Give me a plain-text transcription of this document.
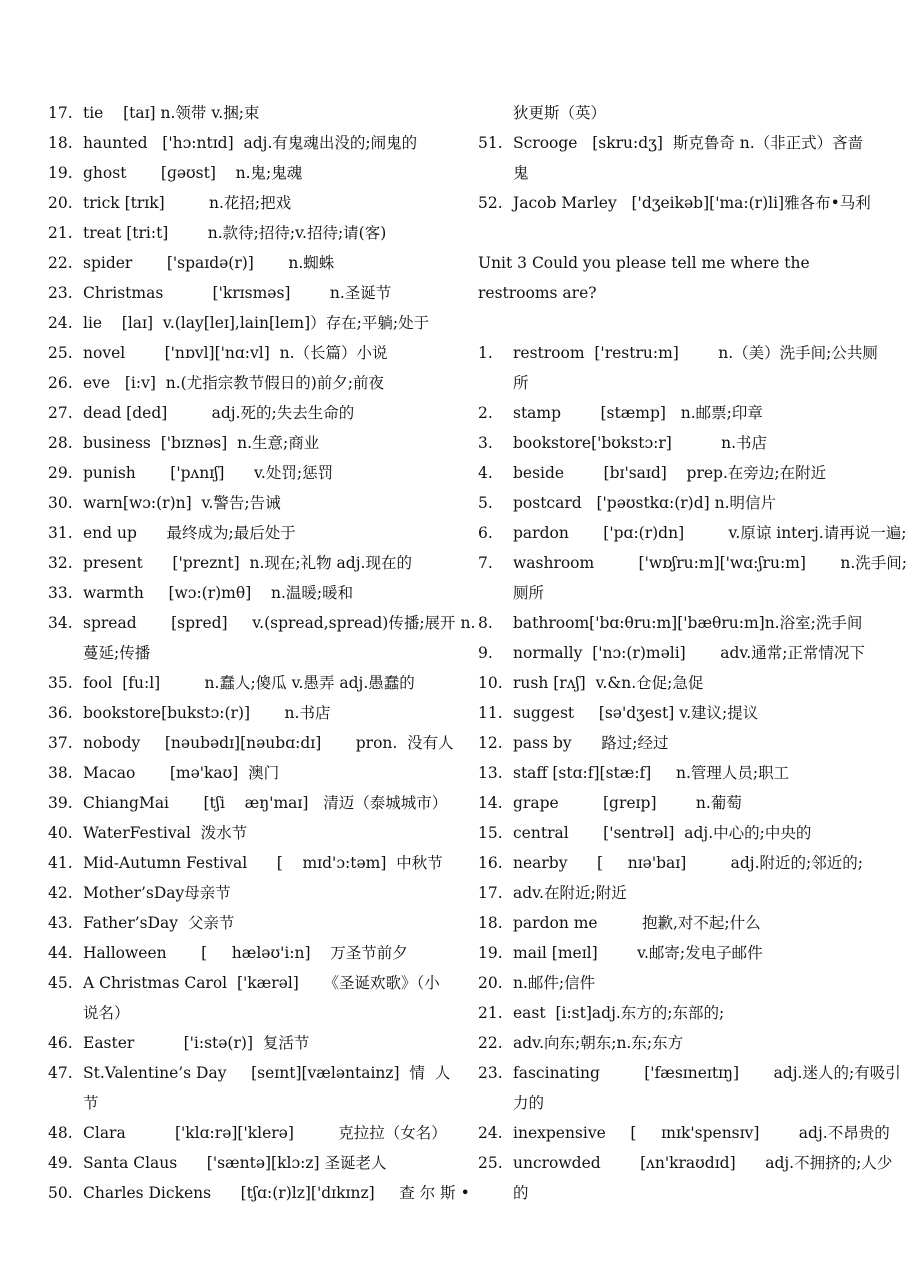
17. tie    [taɪ] n.领带 v.捆;束
18. haunted   ['hɔ:ntɪd]  adj.有鬼魂出没的;闹鬼的
19. ghost       [ɡəʊst]    n.鬼;鬼魂
20. trick [trɪk]         n.花招;把戏
21. treat [tri:t]        n.款待;招待;v.招待;请(客)
22. spider       ['spaɪdə(r)]       n.蜘蛛
23. Christmas          ['krɪsməs]        n.圣诞节
24. lie    [laɪ]  v.(lay[leɪ],lain[leɪn]）存在;平躺;处于
25. novel        ['nɒvl]['nɑ:vl]  n.（长篇）小说
26. eve   [i:v]  n.(尤指宗教节假日的)前夕;前夜
27. dead [ded]         adj.死的;失去生命的
28. business  ['bɪznəs]  n.生意;商业
29. punish       ['pʌnɪʃ]      v.处罚;惩罚
30. warn[wɔ:(r)n]  v.警告;告诫
31. end up      最终成为;最后处于
32. present      ['preznt]  n.现在;礼物 adj.现在的
33. warmth     [wɔ:(r)mθ]    n.温暖;暖和
34. spread       [spred]     v.(spread,spread)传播;展开 n.
蔓延;传播
35. fool  [fu:l]         n.蠢人;傻瓜 v.愚弄 adj.愚蠢的
36. bookstore[bukstɔ:(r)]       n.书店
37. nobody     [nəubədɪ][nəubɑ:dɪ]       pron.  没有人
38. Macao       [mə'kaʊ]  澳门
39. ChiangMai       [tʃi    æŋ'maɪ]   清迈（泰城城市）
40. WaterFestival  泼水节
41. Mid-Autumn Festival      [    mɪd'ɔ:təm]  中秋节
42. Mother’sDay母亲节
43. Father’sDay  父亲节
44. Halloween       [     hæləʊ'i:n]    万圣节前夕
45. A Christmas Carol  ['kærəl]     《圣诞欢歌》（小
说名）
46. Easter          ['i:stə(r)]  复活节
47. St.Valentine’s Day     [seɪnt][væləntainz]  情  人
节
48. Clara          ['klɑ:rə]['klerə]         克拉拉（女名）
49. Santa Claus      ['sæntə][klɔ:z] 圣诞老人
50. Charles Dickens      [tʃɑ:(r)lz]['dɪkɪnz]     查 尔 斯 •
狄更斯（英）
51. Scrooge   [skru:dʒ]  斯克鲁奇 n.（非正式）吝啬
鬼
52. Jacob Marley   ['dʒeikəb]['ma:(r)li]雅各布•马利
Unit 3 Could you please tell me where the restrooms are?
1.	restroom  ['restru:m]        n.（美）洗手间;公共厕
所
2.	stamp        [stæmp]   n.邮票;印章
3.	bookstore['bʊkstɔ:r]          n.书店
4.	beside        [bɪ'saɪd]    prep.在旁边;在附近
5.	postcard   ['pəʊstkɑ:(r)d] n.明信片
6.	pardon       ['pɑ:(r)dn]         v.原谅 interj.请再说一遍;
7.	washroom         ['wɒʃru:m]['wɑ:ʃru:m]       n.洗手间;
厕所
8.	bathroom['bɑ:θru:m]['bæθru:m]n.浴室;洗手间
9.	normally  ['nɔ:(r)məli]       adv.通常;正常情况下
10. rush [rʌʃ]  v.&n.仓促;急促
11. suggest     [sə'dʒest] v.建议;提议
12. pass by      路过;经过
13. staff [stɑ:f][stæ:f]     n.管理人员;职工
14. grape         [greɪp]        n.葡萄
15. central       ['sentrəl]  adj.中心的;中央的
16. nearby      [     nɪə'baɪ]         adj.附近的;邻近的;
17. adv.在附近;附近
18. pardon me         抱歉,对不起;什么
19. mail [meɪl]        v.邮寄;发电子邮件
20. n.邮件;信件
21. east  [i:st]adj.东方的;东部的;
22. adv.向东;朝东;n.东;东方
23. fascinating         ['fæsɪneɪtɪŋ]       adj.迷人的;有吸引
力的
24. inexpensive     [     ɪnɪk'spensɪv]        adj.不昂贵的
25. uncrowded        [ʌn'kraʊdɪd]      adj.不拥挤的;人少
的
